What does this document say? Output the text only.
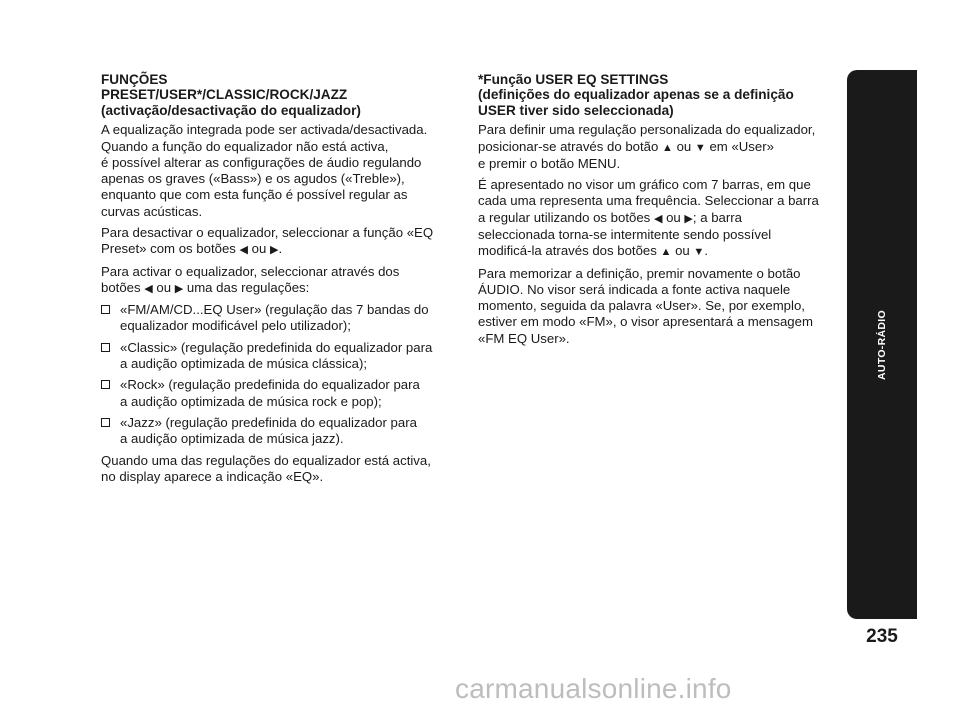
FUNÇÕES
PRESET/USER*/CLASSIC/ROCK/JAZZ
(activação/desactivação do equalizador)
A equalização integrada pode ser activada/desactivada.
Quando a função do equalizador não está activa,
é possível alterar as configurações de áudio regulando
apenas os graves («Bass») e os agudos («Treble»),
enquanto que com esta função é possível regular as
curvas acústicas.
Para desactivar o equalizador, seleccionar a função «EQ
Preset» com os botões ◀ ou ▶.
Para activar o equalizador, seleccionar através dos
botões ◀ ou ▶ uma das regulações:
«FM/AM/CD...EQ User» (regulação das 7 bandas do
equalizador modificável pelo utilizador);
«Classic» (regulação predefinida do equalizador para
a audição optimizada de música clássica);
«Rock» (regulação predefinida do equalizador para
a audição optimizada de música rock e pop);
«Jazz» (regulação predefinida do equalizador para
a audição optimizada de música jazz).
Quando uma das regulações do equalizador está activa,
no display aparece a indicação «EQ».
*Função USER EQ SETTINGS
(definições do equalizador apenas se a definição
USER tiver sido seleccionada)
Para definir uma regulação personalizada do equalizador,
posicionar-se através do botão ▲ ou ▼ em «User»
e premir o botão MENU.
É apresentado no visor um gráfico com 7 barras, em que
cada uma representa uma frequência. Seleccionar a barra
a regular utilizando os botões ◀ ou ▶; a barra
seleccionada torna-se intermitente sendo possível
modificá-la através dos botões ▲ ou ▼.
Para memorizar a definição, premir novamente o botão
ÁUDIO. No visor será indicada a fonte activa naquele
momento, seguida da palavra «User». Se, por exemplo,
estiver em modo «FM», o visor apresentará a mensagem
«FM EQ User».	AUTO-RÁDIO
235
carmanualsonline.info
